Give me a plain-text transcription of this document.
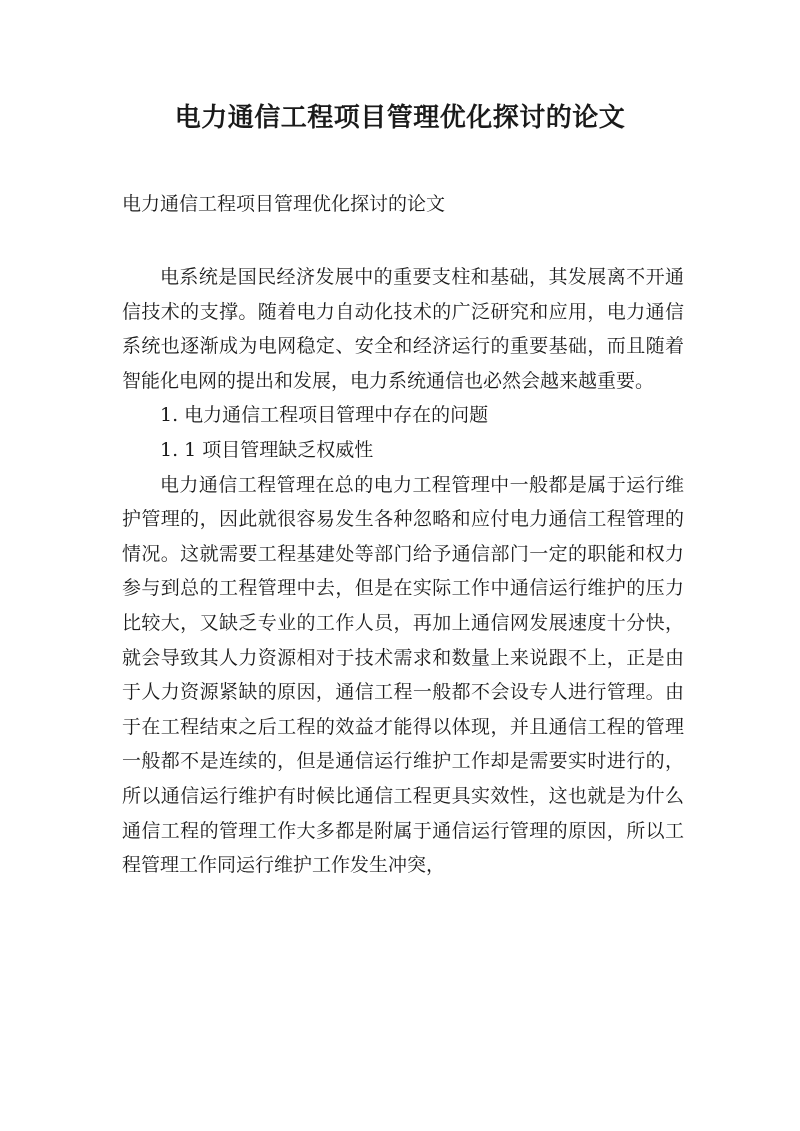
电力通信工程项目管理优化探讨的论文

电力通信工程项目管理优化探讨的论文

电系统是国民经济发展中的重要支柱和基础，其发展离不开通信技术的支撑。随着电力自动化技术的广泛研究和应用，电力通信系统也逐渐成为电网稳定、安全和经济运行的重要基础，而且随着智能化电网的提出和发展，电力系统通信也必然会越来越重要。

1. 电力通信工程项目管理中存在的问题

1. 1 项目管理缺乏权威性

电力通信工程管理在总的电力工程管理中一般都是属于运行维护管理的，因此就很容易发生各种忽略和应付电力通信工程管理的情况。这就需要工程基建处等部门给予通信部门一定的职能和权力参与到总的工程管理中去，但是在实际工作中通信运行维护的压力比较大，又缺乏专业的工作人员，再加上通信网发展速度十分快，就会导致其人力资源相对于技术需求和数量上来说跟不上，正是由于人力资源紧缺的原因，通信工程一般都不会设专人进行管理。由于在工程结束之后工程的效益才能得以体现，并且通信工程的管理一般都不是连续的，但是通信运行维护工作却是需要实时进行的，所以通信运行维护有时候比通信工程更具实效性，这也就是为什么通信工程的管理工作大多都是附属于通信运行管理的原因，所以工程管理工作同运行维护工作发生冲突，
